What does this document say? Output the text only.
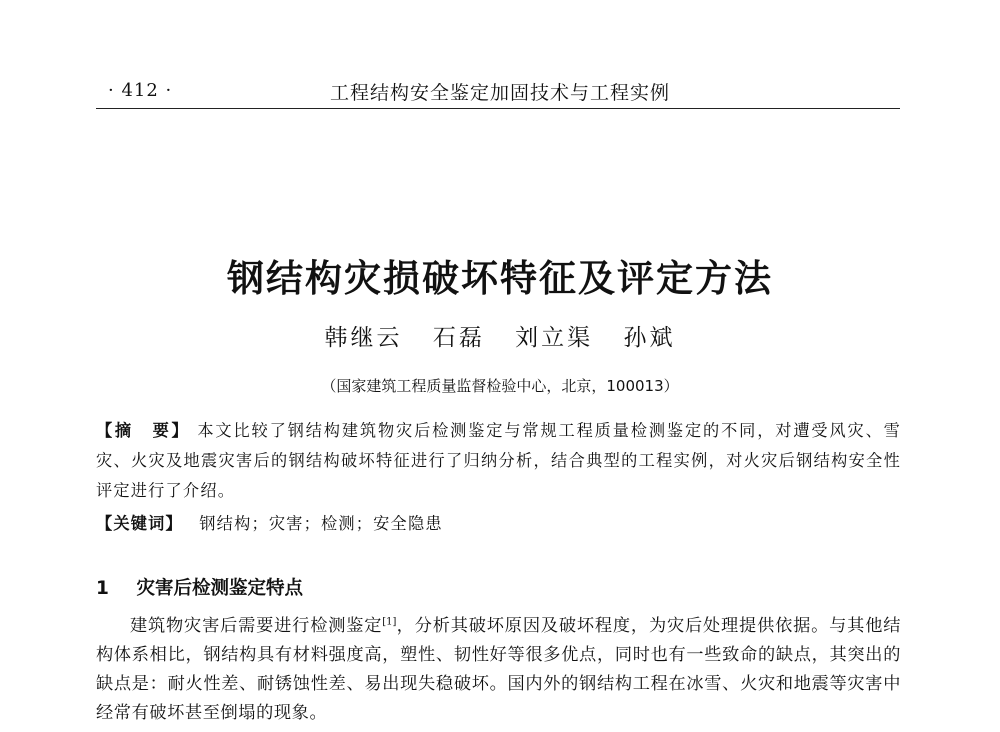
· 412 ·	工程结构安全鉴定加固技术与工程实例
钢结构灾损破坏特征及评定方法
韩继云 石磊 刘立渠 孙斌
（国家建筑工程质量监督检验中心，北京，100013）
【摘　要】 本文比较了钢结构建筑物灾后检测鉴定与常规工程质量检测鉴定的不同，对遭受风灾、雪灾、火灾及地震灾害后的钢结构破坏特征进行了归纳分析，结合典型的工程实例，对火灾后钢结构安全性评定进行了介绍。
【关键词】 钢结构；灾害；检测；安全隐患
1 灾害后检测鉴定特点
建筑物灾害后需要进行检测鉴定[1]，分析其破坏原因及破坏程度，为灾后处理提供依据。与其他结构体系相比，钢结构具有材料强度高，塑性、韧性好等很多优点，同时也有一些致命的缺点，其突出的缺点是：耐火性差、耐锈蚀性差、易出现失稳破坏。国内外的钢结构工程在冰雪、火灾和地震等灾害中经常有破坏甚至倒塌的现象。
